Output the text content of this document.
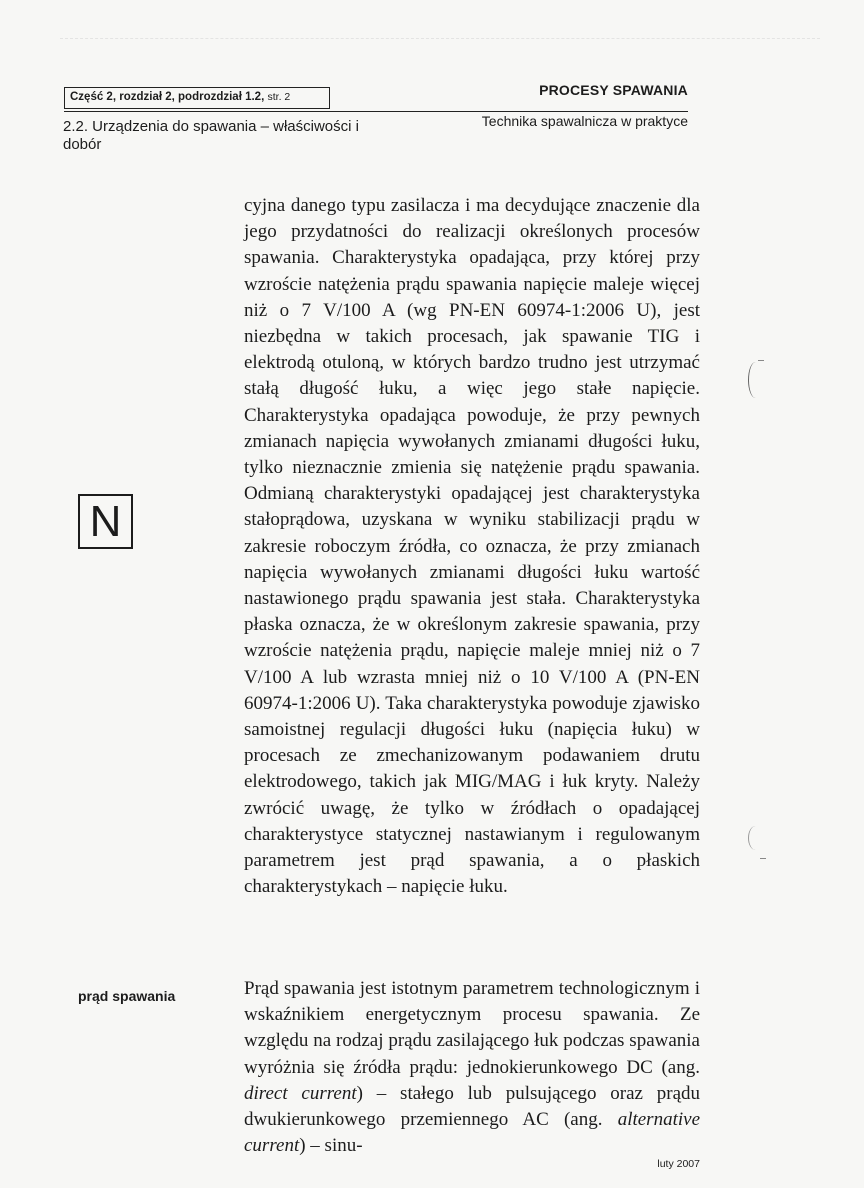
Część 2, rozdział 2, podrozdział 1.2, str. 2	PROCESY SPAWANIA
2.2. Urządzenia do spawania – właściwości i dobór
Technika spawalnicza w praktyce
N

cyjna danego typu zasilacza i ma decydujące znaczenie dla jego przydatności do realizacji określonych procesów spawania. Charakterystyka opadająca, przy której przy wzroście natężenia prądu spawania napięcie maleje więcej niż o 7 V/100 A (wg PN-EN 60974-1:2006 U), jest niezbędna w takich procesach, jak spawanie TIG i elektrodą otuloną, w których bardzo trudno jest utrzymać stałą długość łuku, a więc jego stałe napięcie. Charakterystyka opadająca powoduje, że przy pewnych zmianach napięcia wywołanych zmianami długości łuku, tylko nieznacznie zmienia się natężenie prądu spawania. Odmianą charakterystyki opadającej jest charakterystyka stałoprądowa, uzyskana w wyniku stabilizacji prądu w zakresie roboczym źródła, co oznacza, że przy zmianach napięcia wywołanych zmianami długości łuku wartość nastawionego prądu spawania jest stała. Charakterystyka płaska oznacza, że w określonym zakresie spawania, przy wzroście natężenia prądu, napięcie maleje mniej niż o 7 V/100 A lub wzrasta mniej niż o 10 V/100 A (PN-EN 60974-1:2006 U). Taka charakterystyka powoduje zjawisko samoistnej regulacji długości łuku (napięcia łuku) w procesach ze zmechanizowanym podawaniem drutu elektrodowego, takich jak MIG/MAG i łuk kryty. Należy zwrócić uwagę, że tylko w źródłach o opadającej charakterystyce statycznej nastawianym i regulowanym parametrem jest prąd spawania, a o płaskich charakterystykach – napięcie łuku.

prąd spawania	Prąd spawania jest istotnym parametrem technologicznym i wskaźnikiem energetycznym procesu spawania. Ze względu na rodzaj prądu zasilającego łuk podczas spawania wyróżnia się źródła prądu: jednokierunkowego DC (ang. direct current) – stałego lub pulsującego oraz prądu dwukierunkowego przemiennego AC (ang. alternative current) – sinu-

luty 2007
